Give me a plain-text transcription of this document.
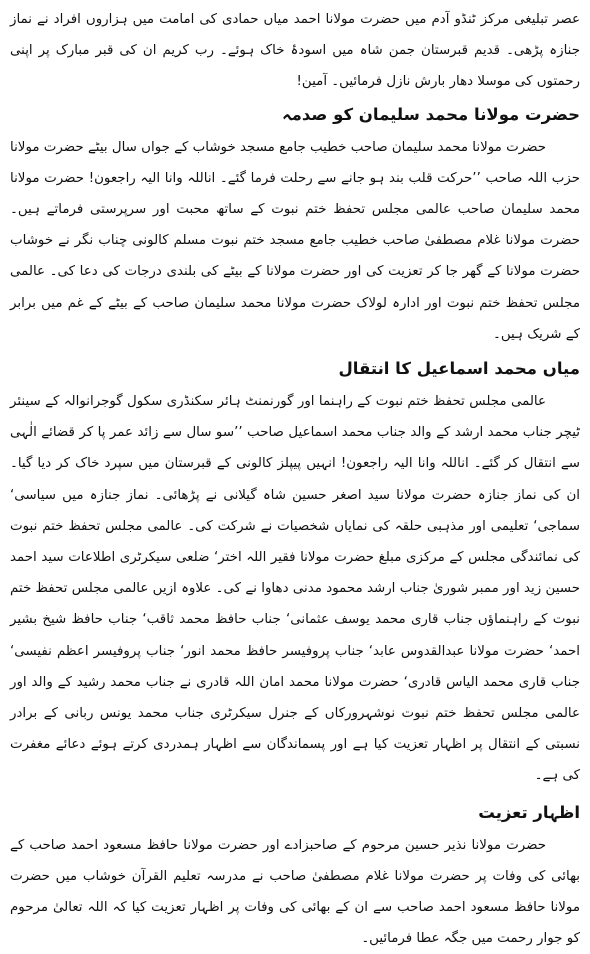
عصر تبلیغی مرکز ٹنڈو آدم میں حضرت مولانا احمد میاں حمادی کی امامت میں ہزاروں افراد نے نماز جنازہ پڑھی۔ قدیم قبرستان جمن شاہ میں اسودۂ خاک ہوئے۔ رب کریم ان کی قبر مبارک پر اپنی رحمتوں کی موسلا دھار بارش نازل فرمائیں۔ آمین!

حضرت مولانا محمد سلیمان کو صدمہ

حضرت مولانا محمد سلیمان صاحب خطیب جامع مسجد خوشاب کے جواں سال بیٹے حضرت مولانا حزب اللہ صاحب ’’حرکت قلب بند ہو جانے سے رحلت فرما گئے۔ اناللہ وانا الیہ راجعون! حضرت مولانا محمد سلیمان صاحب عالمی مجلس تحفظ ختم نبوت کے ساتھ محبت اور سرپرستی فرماتے ہیں۔ حضرت مولانا غلام مصطفیٰ صاحب خطیب جامع مسجد ختم نبوت مسلم کالونی چناب نگر نے خوشاب حضرت مولانا کے گھر جا کر تعزیت کی اور حضرت مولانا کے بیٹے کی بلندی درجات کی دعا کی۔ عالمی مجلس تحفظ ختم نبوت اور ادارہ لولاک حضرت مولانا محمد سلیمان صاحب کے بیٹے کے غم میں برابر کے شریک ہیں۔

میاں محمد اسماعیل کا انتقال

عالمی مجلس تحفظ ختم نبوت کے راہنما اور گورنمنٹ ہائر سکنڈری سکول گوجرانوالہ کے سینئر ٹیچر جناب محمد ارشد کے والد جناب محمد اسماعیل صاحب ’’سو سال سے زائد عمر پا کر قضائے الٰہی سے انتقال کر گئے۔ اناللہ وانا الیہ راجعون! انہیں پیپلز کالونی کے قبرستان میں سپرد خاک کر دیا گیا۔ ان کی نماز جنازہ حضرت مولانا سید اصغر حسین شاہ گیلانی نے پڑھائی۔ نماز جنازہ میں سیاسی‘ سماجی‘ تعلیمی اور مذہبی حلقہ کی نمایاں شخصیات نے شرکت کی۔ عالمی مجلس تحفظ ختم نبوت کی نمائندگی مجلس کے مرکزی مبلغ حضرت مولانا فقیر اللہ اختر‘ ضلعی سیکرٹری اطلاعات سید احمد حسین زید اور ممبر شوریٰ جناب ارشد محمود مدنی دھاوا نے کی۔ علاوہ ازیں عالمی مجلس تحفظ ختم نبوت کے راہنماؤں جناب قاری محمد یوسف عثمانی‘ جناب حافظ محمد ثاقب‘ جناب حافظ شیخ بشیر احمد‘ حضرت مولانا عبدالقدوس عابد‘ جناب پروفیسر حافظ محمد انور‘ جناب پروفیسر اعظم نفیسی‘ جناب قاری محمد الیاس قادری‘ حضرت مولانا محمد امان اللہ قادری نے جناب محمد رشید کے والد اور عالمی مجلس تحفظ ختم نبوت نوشہرورکاں کے جنرل سیکرٹری جناب محمد یونس ربانی کے برادر نسبتی کے انتقال پر اظہار تعزیت کیا ہے اور پسماندگان سے اظہار ہمدردی کرتے ہوئے دعائے مغفرت کی ہے۔

اظہار تعزیت

حضرت مولانا نذیر حسین مرحوم کے صاحبزادے اور حضرت مولانا حافظ مسعود احمد صاحب کے بھائی کی وفات پر حضرت مولانا غلام مصطفیٰ صاحب نے مدرسہ تعلیم القرآن خوشاب میں حضرت مولانا حافظ مسعود احمد صاحب سے ان کے بھائی کی وفات پر اظہار تعزیت کیا کہ اللہ تعالیٰ مرحوم کو جوار رحمت میں جگہ عطا فرمائیں۔
